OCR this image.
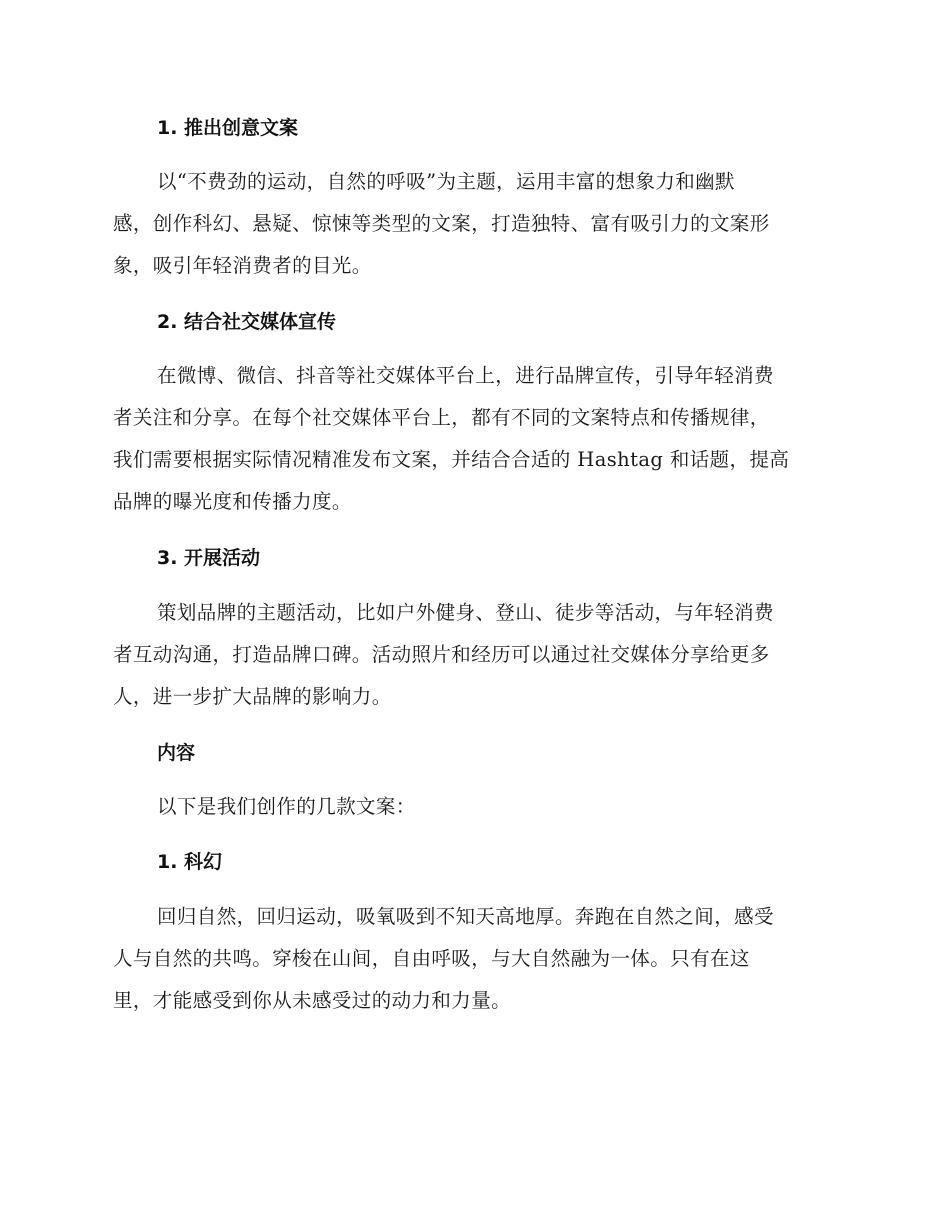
1. 推出创意文案
以“不费劲的运动，自然的呼吸”为主题，运用丰富的想象力和幽默
感，创作科幻、悬疑、惊悚等类型的文案，打造独特、富有吸引力的文案形
象，吸引年轻消费者的目光。
2. 结合社交媒体宣传
在微博、微信、抖音等社交媒体平台上，进行品牌宣传，引导年轻消费
者关注和分享。在每个社交媒体平台上，都有不同的文案特点和传播规律，
我们需要根据实际情况精准发布文案，并结合合适的 Hashtag 和话题，提高
品牌的曝光度和传播力度。
3. 开展活动
策划品牌的主题活动，比如户外健身、登山、徒步等活动，与年轻消费
者互动沟通，打造品牌口碑。活动照片和经历可以通过社交媒体分享给更多
人，进一步扩大品牌的影响力。
内容
以下是我们创作的几款文案：
1. 科幻
回归自然，回归运动，吸氧吸到不知天高地厚。奔跑在自然之间，感受
人与自然的共鸣。穿梭在山间，自由呼吸，与大自然融为一体。只有在这
里，才能感受到你从未感受过的动力和力量。
